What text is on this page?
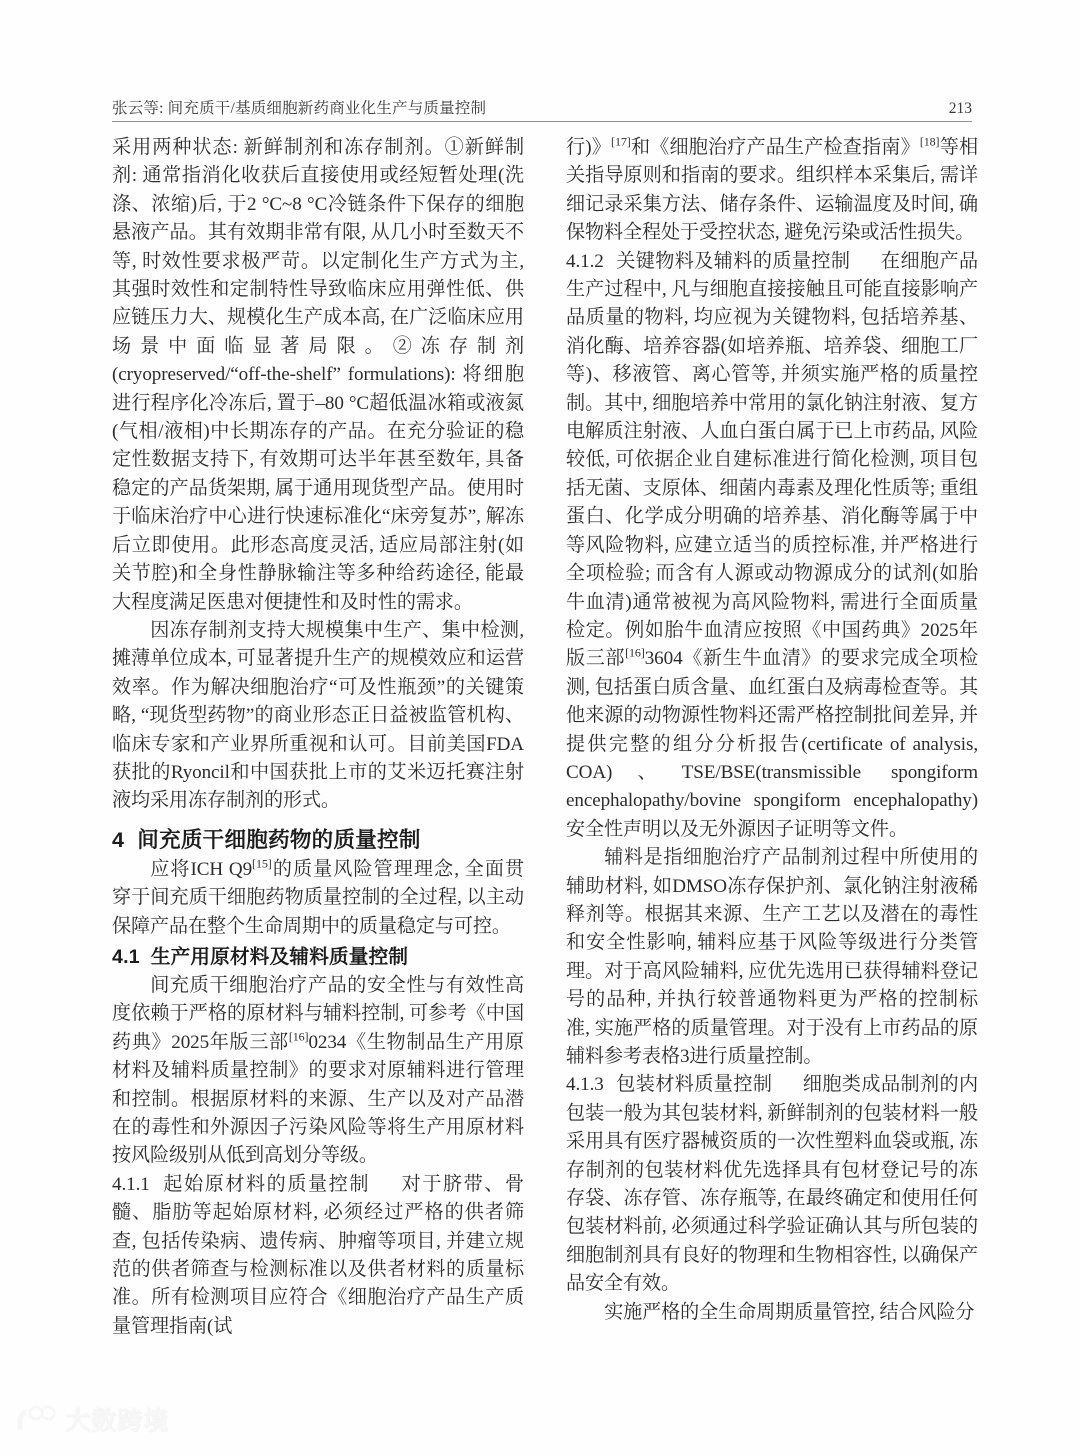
张云等: 间充质干/基质细胞新药商业化生产与质量控制	213

采用两种状态: 新鲜制剂和冻存制剂。①新鲜制剂: 通常指消化收获后直接使用或经短暂处理(洗涤、浓缩)后, 于2 °C~8 °C冷链条件下保存的细胞悬液产品。其有效期非常有限, 从几小时至数天不等, 时效性要求极严苛。以定制化生产方式为主, 其强时效性和定制特性导致临床应用弹性低、供应链压力大、规模化生产成本高, 在广泛临床应用场景中面临显著局限。②冻存制剂(cryopreserved/“off-the-shelf” formulations): 将细胞进行程序化冷冻后, 置于–80 °C超低温冰箱或液氮(气相/液相)中长期冻存的产品。在充分验证的稳定性数据支持下, 有效期可达半年甚至数年, 具备稳定的产品货架期, 属于通用现货型产品。使用时于临床治疗中心进行快速标准化“床旁复苏”, 解冻后立即使用。此形态高度灵活, 适应局部注射(如关节腔)和全身性静脉输注等多种给药途径, 能最大程度满足医患对便捷性和及时性的需求。

因冻存制剂支持大规模集中生产、集中检测, 摊薄单位成本, 可显著提升生产的规模效应和运营效率。作为解决细胞治疗“可及性瓶颈”的关键策略, “现货型药物”的商业形态正日益被监管机构、临床专家和产业界所重视和认可。目前美国FDA获批的Ryoncil和中国获批上市的艾米迈托赛注射液均采用冻存制剂的形式。

4 间充质干细胞药物的质量控制

应将ICH Q9[15]的质量风险管理理念, 全面贯穿于间充质干细胞药物质量控制的全过程, 以主动保障产品在整个生命周期中的质量稳定与可控。

4.1 生产用原材料及辅料质量控制

间充质干细胞治疗产品的安全性与有效性高度依赖于严格的原材料与辅料控制, 可参考《中国药典》2025年版三部[16]0234《生物制品生产用原材料及辅料质量控制》的要求对原辅料进行管理和控制。根据原材料的来源、生产以及对产品潜在的毒性和外源因子污染风险等将生产用原材料按风险级别从低到高划分等级。

4.1.1 起始原材料的质量控制 对于脐带、骨髓、脂肪等起始原材料, 必须经过严格的供者筛查, 包括传染病、遗传病、肿瘤等项目, 并建立规范的供者筛查与检测标准以及供者材料的质量标准。所有检测项目应符合《细胞治疗产品生产质量管理指南(试

行)》[17]和《细胞治疗产品生产检查指南》[18]等相关指导原则和指南的要求。组织样本采集后, 需详细记录采集方法、储存条件、运输温度及时间, 确保物料全程处于受控状态, 避免污染或活性损失。

4.1.2 关键物料及辅料的质量控制 在细胞产品生产过程中, 凡与细胞直接接触且可能直接影响产品质量的物料, 均应视为关键物料, 包括培养基、消化酶、培养容器(如培养瓶、培养袋、细胞工厂等)、移液管、离心管等, 并须实施严格的质量控制。其中, 细胞培养中常用的氯化钠注射液、复方电解质注射液、人血白蛋白属于已上市药品, 风险较低, 可依据企业自建标准进行简化检测, 项目包括无菌、支原体、细菌内毒素及理化性质等; 重组蛋白、化学成分明确的培养基、消化酶等属于中等风险物料, 应建立适当的质控标准, 并严格进行全项检验; 而含有人源或动物源成分的试剂(如胎牛血清)通常被视为高风险物料, 需进行全面质量检定。例如胎牛血清应按照《中国药典》2025年版三部[16]3604《新生牛血清》的要求完成全项检测, 包括蛋白质含量、血红蛋白及病毒检查等。其他来源的动物源性物料还需严格控制批间差异, 并提供完整的组分分析报告(certificate of analysis, COA)、TSE/BSE(transmissible spongiform encephalopathy/bovine spongiform encephalopathy)安全性声明以及无外源因子证明等文件。

辅料是指细胞治疗产品制剂过程中所使用的辅助材料, 如DMSO冻存保护剂、氯化钠注射液稀释剂等。根据其来源、生产工艺以及潜在的毒性和安全性影响, 辅料应基于风险等级进行分类管理。对于高风险辅料, 应优先选用已获得辅料登记号的品种, 并执行较普通物料更为严格的控制标准, 实施严格的质量管理。对于没有上市药品的原辅料参考表格3进行质量控制。

4.1.3 包装材料质量控制 细胞类成品制剂的内包装一般为其包装材料, 新鲜制剂的包装材料一般采用具有医疗器械资质的一次性塑料血袋或瓶, 冻存制剂的包装材料优先选择具有包材登记号的冻存袋、冻存管、冻存瓶等, 在最终确定和使用任何包装材料前, 必须通过科学验证确认其与所包装的细胞制剂具有良好的物理和生物相容性, 以确保产品安全有效。

实施严格的全生命周期质量管控, 结合风险分

大数跨境
